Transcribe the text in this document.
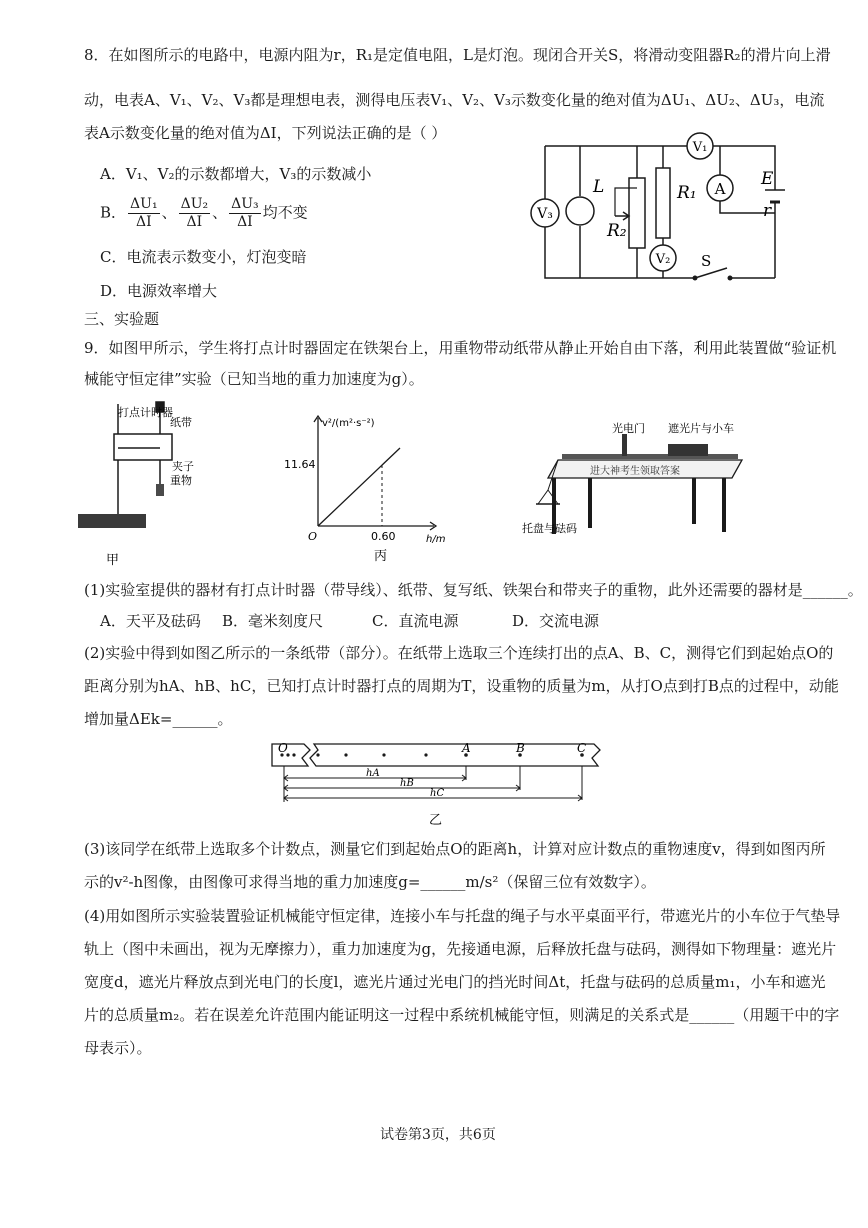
8．在如图所示的电路中，电源内阻为r，R₁是定值电阻，L是灯泡。现闭合开关S，将滑动变阻器R₂的滑片向上滑
动，电表A、V₁、V₂、V₃都是理想电表，测得电压表V₁、V₂、V₃示数变化量的绝对值为ΔU₁、ΔU₂、ΔU₃，电流
表A示数变化量的绝对值为ΔI，下列说法正确的是（ ）
A．V₁、V₂的示数都增大，V₃的示数减小
B． $\frac{\text{ΔU₁}}{\Delta I}$ 、 $\frac{\text{ΔU₂}}{\Delta I}$ 、 $\frac{\text{ΔU₃}}{\Delta I}$ 均不变
C．电流表示数变小，灯泡变暗
D．电源效率增大
V₃
L
R₂
R₁
V₂
V₁
A E
r
S
三、实验题
9．如图甲所示，学生将打点计时器固定在铁架台上，用重物带动纸带从静止开始自由下落，利用此装置做“验证机
械能守恒定律”实验（已知当地的重力加速度为g）。
打点计时器
纸带
夹子
重物
甲
v²/(m²·s⁻²)
11.64
0.60	h/m
O
丙
光电门 遮光片与小车
进大神考生领取答案
托盘与砝码
(1)实验室提供的器材有打点计时器（带导线）、纸带、复写纸、铁架台和带夹子的重物，此外还需要的器材是______。
A．天平及砝码 B．毫米刻度尺	C．直流电源	D．交流电源
(2)实验中得到如图乙所示的一条纸带（部分）。在纸带上选取三个连续打出的点A、B、C，测得它们到起始点O的
距离分别为hA、hB、hC，已知打点计时器打点的周期为T，设重物的质量为m，从打O点到打B点的过程中，动能
增加量ΔEk=______。
O	A	B	C
hA
hB
hC
乙
(3)该同学在纸带上选取多个计数点，测量它们到起始点O的距离h，计算对应计数点的重物速度v，得到如图丙所
示的v²-h图像，由图像可求得当地的重力加速度g=______m/s²（保留三位有效数字）。
(4)用如图所示实验装置验证机械能守恒定律，连接小车与托盘的绳子与水平桌面平行，带遮光片的小车位于气垫导
轨上（图中未画出，视为无摩擦力），重力加速度为g，先接通电源，后释放托盘与砝码，测得如下物理量：遮光片
宽度d，遮光片释放点到光电门的长度l，遮光片通过光电门的挡光时间Δt，托盘与砝码的总质量m₁，小车和遮光
片的总质量m₂。若在误差允许范围内能证明这一过程中系统机械能守恒，则满足的关系式是______（用题干中的字
母表示）。
试卷第3页，共6页
